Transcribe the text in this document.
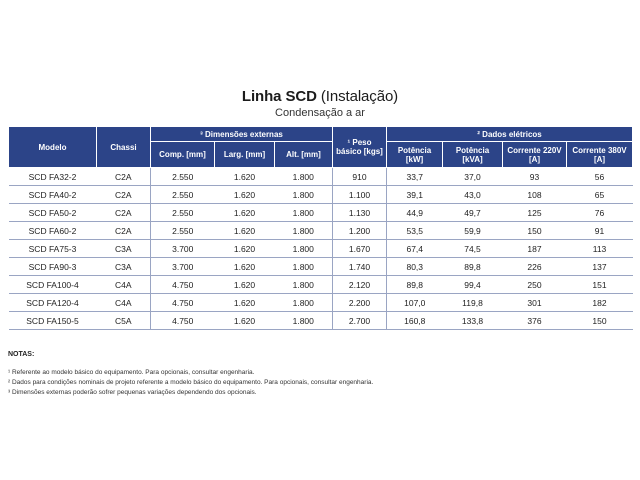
Linha SCD (Instalação)
Condensação a ar
Modelo	Chassi	³ Dimensões externas			¹ Peso básico [kgs]	² Dados elétricos			
		Comp. [mm]	Larg. [mm]	Alt. [mm]		Potência [kW]	Potência [kVA]	Corrente 220V [A]	Corrente 380V [A]
SCD FA32-2	C2A	2.550	1.620	1.800	910	33,7	37,0	93	56
SCD FA40-2	C2A	2.550	1.620	1.800	1.100	39,1	43,0	108	65
SCD FA50-2	C2A	2.550	1.620	1.800	1.130	44,9	49,7	125	76
SCD FA60-2	C2A	2.550	1.620	1.800	1.200	53,5	59,9	150	91
SCD FA75-3	C3A	3.700	1.620	1.800	1.670	67,4	74,5	187	113
SCD FA90-3	C3A	3.700	1.620	1.800	1.740	80,3	89,8	226	137
SCD FA100-4	C4A	4.750	1.620	1.800	2.120	89,8	99,4	250	151
SCD FA120-4	C4A	4.750	1.620	1.800	2.200	107,0	119,8	301	182
SCD FA150-5	C5A	4.750	1.620	1.800	2.700	160,8	133,8	376	150
NOTAS:
¹ Referente ao modelo básico do equipamento. Para opcionais, consultar engenharia.
² Dados para condições nominais de projeto referente a modelo básico do equipamento. Para opcionais, consultar engenharia.
³ Dimensões externas poderão sofrer pequenas variações dependendo dos opcionais.
